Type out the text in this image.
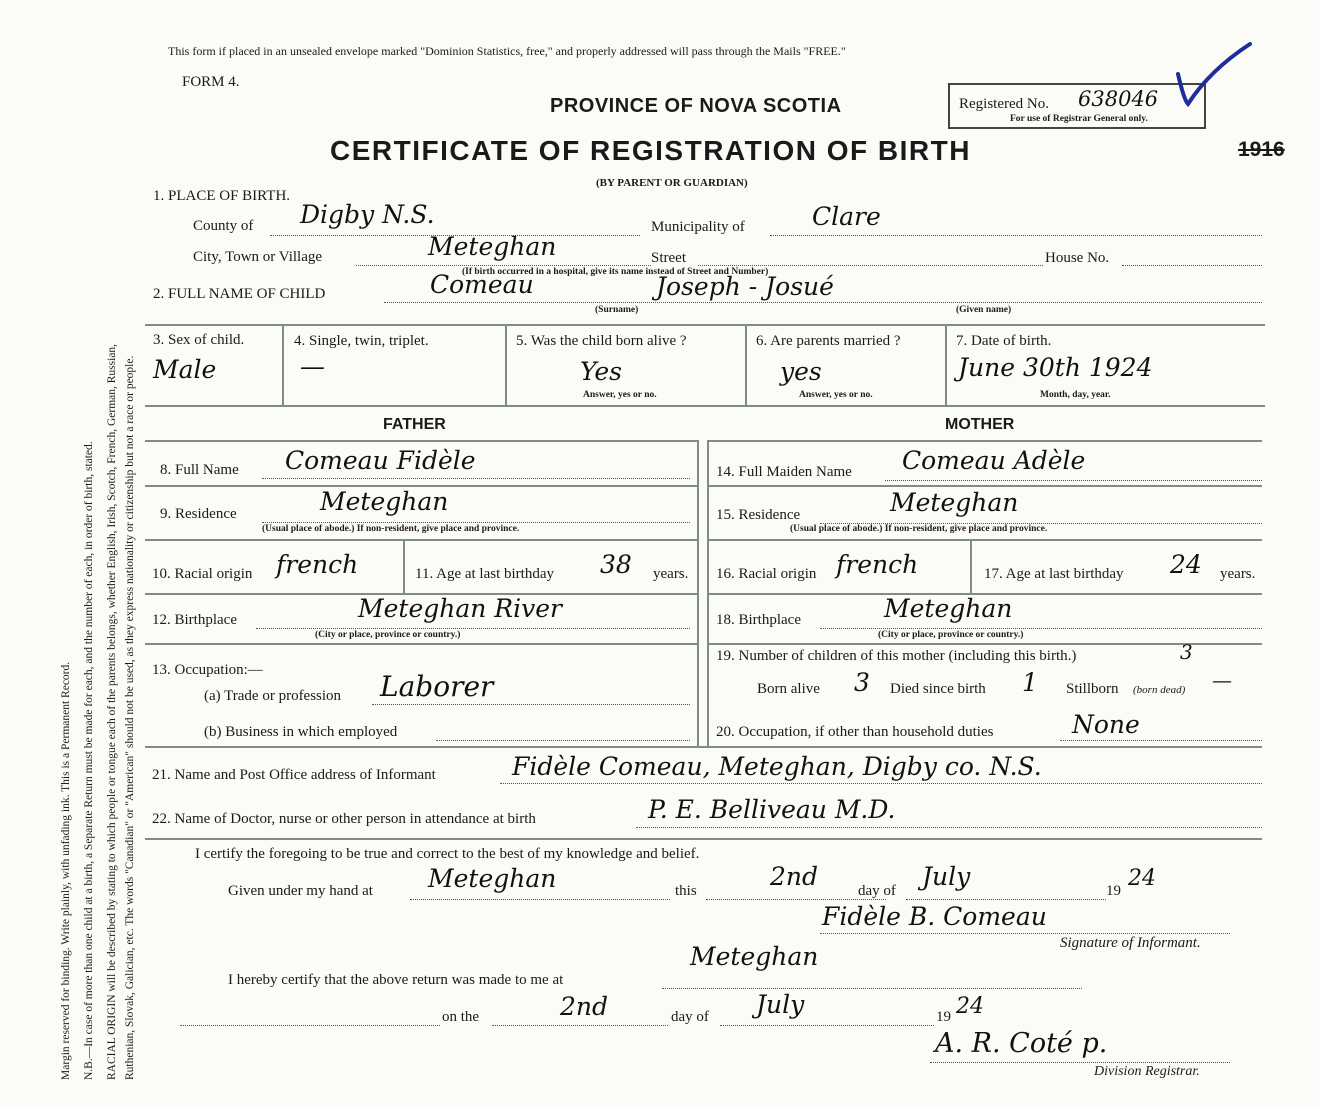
Margin reserved for binding. Write plainly, with unfading ink. This is a Permanent Record. N.B.—In case of more than one child at a birth, a Separate Return must be made for each, and the number of each, in order of birth, stated. RACIAL ORIGIN will be described by stating to which people or tongue each of the parents belongs, whether English, Irish, Scotch, French, German, Russian, Ruthenian, Slovak, Galician, etc. The words "Canadian" or "American" should not be used, as they express nationality or citizenship but not a race or people.
This form if placed in an unsealed envelope marked "Dominion Statistics, free," and properly addressed will pass through the Mails "FREE."
FORM 4.
PROVINCE OF NOVA SCOTIA
CERTIFICATE OF REGISTRATION OF BIRTH
(BY PARENT OR GUARDIAN)
Registered No. 638046
For use of Registrar General only.
1916
1. PLACE OF BIRTH.
County of Digby N.S.	Municipality of	Clare
City, Town or Village	Meteghan	Street	House No.
(If birth occurred in a hospital, give its name instead of Street and Number)
2. FULL NAME OF CHILD	Comeau	Joseph - Josué
(Surname)	(Given name)
3. Sex of child.
Male
4. Single, twin, triplet.
—
5. Was the child born alive ?
Yes
Answer, yes or no.
6. Are parents married ?
yes
Answer, yes or no.
7. Date of birth.
June 30th 1924
Month, day, year.
FATHER
8. Full Name Comeau Fidèle
9. Residence	Meteghan
(Usual place of abode.) If non-resident, give place and province.
10. Racial origin french	11. Age at last birthday 38 years.
12. Birthplace	Meteghan River
(City or place, province or country.)
13. Occupation:—
(a) Trade or profession Laborer
(b) Business in which employed
MOTHER
14. Full Maiden Name Comeau Adèle
15. Residence	Meteghan
(Usual place of abode.) If non-resident, give place and province.
16. Racial origin french	17. Age at last birthday 24 years.
18. Birthplace	Meteghan
(City or place, province or country.)
19. Number of children of this mother (including this birth.)	3
Born alive 3 Died since birth 1 Stillborn (born dead) —
20. Occupation, if other than household duties	None
21. Name and Post Office address of Informant	Fidèle Comeau, Meteghan, Digby co. N.S.
22. Name of Doctor, nurse or other person in attendance at birth	P. E. Belliveau M.D.
I certify the foregoing to be true and correct to the best of my knowledge and belief.
Given under my hand at Meteghan	this	2nd	day of July	19 24
Fidèle B. Comeau
Signature of Informant.
Meteghan
I hereby certify that the above return was made to me at
on the	2nd	day of July	19 24
A. R. Coté p.
Division Registrar.
